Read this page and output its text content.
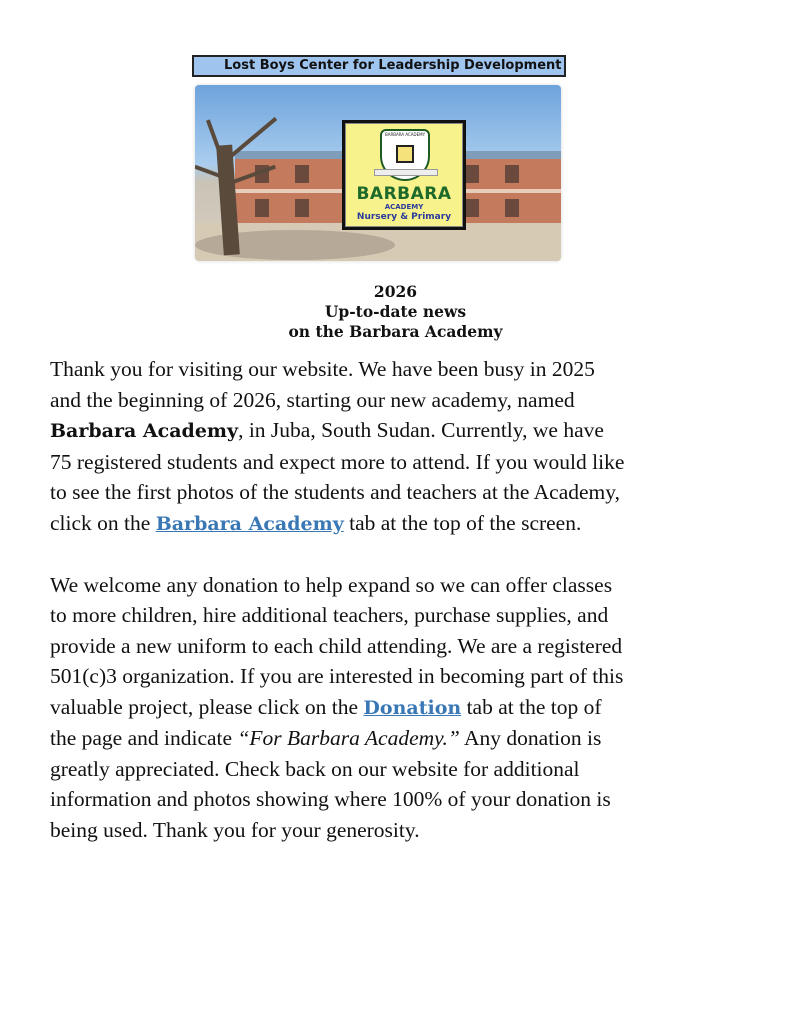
Lost Boys Center for Leadership Development
BARBARA ACADEMY
BARBARA
ACADEMY
Nursery & Primary
2026
Up-to-date news
on the Barbara Academy

Thank you for visiting our website. We have been busy in 2025
and the beginning of 2026, starting our new academy, named
Barbara Academy, in Juba, South Sudan. Currently, we have
75 registered students and expect more to attend. If you would like
to see the first photos of the students and teachers at the Academy,
click on the Barbara Academy tab at the top of the screen.

We welcome any donation to help expand so we can offer classes
to more children, hire additional teachers, purchase supplies, and
provide a new uniform to each child attending. We are a registered
501(c)3 organization. If you are interested in becoming part of this
valuable project, please click on the Donation tab at the top of
the page and indicate “For Barbara Academy.” Any donation is
greatly appreciated. Check back on our website for additional
information and photos showing where 100% of your donation is
being used. Thank you for your generosity.
